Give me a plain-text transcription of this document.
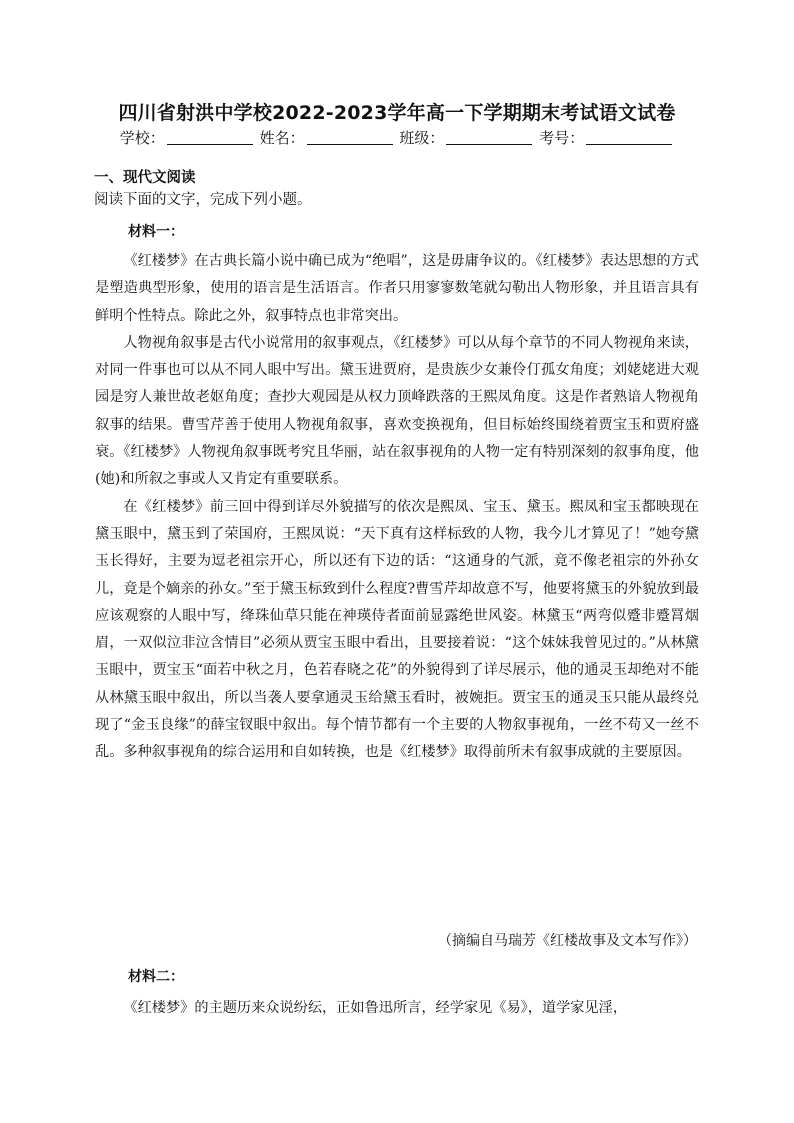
四川省射洪中学校2022-2023学年高一下学期期末考试语文试卷
学校：	姓名：	班级：	考号：
一、现代文阅读
阅读下面的文字，完成下列小题。
材料一：

《红楼梦》在古典长篇小说中确已成为“绝唱”，这是毋庸争议的。《红楼梦》表达思想的方式是塑造典型形象，使用的语言是生活语言。作者只用寥寥数笔就勾勒出人物形象，并且语言具有鲜明个性特点。除此之外，叙事特点也非常突出。

人物视角叙事是古代小说常用的叙事观点，《红楼梦》可以从每个章节的不同人物视角来读，对同一件事也可以从不同人眼中写出。黛玉进贾府，是贵族少女兼伶仃孤女角度；刘姥姥进大观园是穷人兼世故老妪角度；查抄大观园是从权力顶峰跌落的王熙凤角度。这是作者熟谙人物视角叙事的结果。曹雪芹善于使用人物视角叙事，喜欢变换视角，但目标始终围绕着贾宝玉和贾府盛衰。《红楼梦》人物视角叙事既考究且华丽，站在叙事视角的人物一定有特别深刻的叙事角度，他(她)和所叙之事或人又肯定有重要联系。

在《红楼梦》前三回中得到详尽外貌描写的依次是熙凤、宝玉、黛玉。熙凤和宝玉都映现在黛玉眼中，黛玉到了荣国府，王熙凤说：“天下真有这样标致的人物，我今儿才算见了！”她夸黛玉长得好，主要为逗老祖宗开心，所以还有下边的话：“这通身的气派，竟不像老祖宗的外孙女儿，竟是个嫡亲的孙女。”至于黛玉标致到什么程度?曹雪芹却故意不写，他要将黛玉的外貌放到最应该观察的人眼中写，绛珠仙草只能在神瑛侍者面前显露绝世风姿。林黛玉“两弯似蹙非蹙罥烟眉，一双似泣非泣含情目”必须从贾宝玉眼中看出，且要接着说：“这个妹妹我曾见过的。”从林黛玉眼中，贾宝玉“面若中秋之月，色若春晓之花”的外貌得到了详尽展示，他的通灵玉却绝对不能从林黛玉眼中叙出，所以当袭人要拿通灵玉给黛玉看时，被婉拒。贾宝玉的通灵玉只能从最终兑现了“金玉良缘”的薛宝钗眼中叙出。每个情节都有一个主要的人物叙事视角，一丝不苟又一丝不乱。多种叙事视角的综合运用和自如转换，也是《红楼梦》取得前所未有叙事成就的主要原因。

（摘编自马瑞芳《红楼故事及文本写作》）
材料二：

《红楼梦》的主题历来众说纷纭，正如鲁迅所言，经学家见《易》，道学家见淫，
